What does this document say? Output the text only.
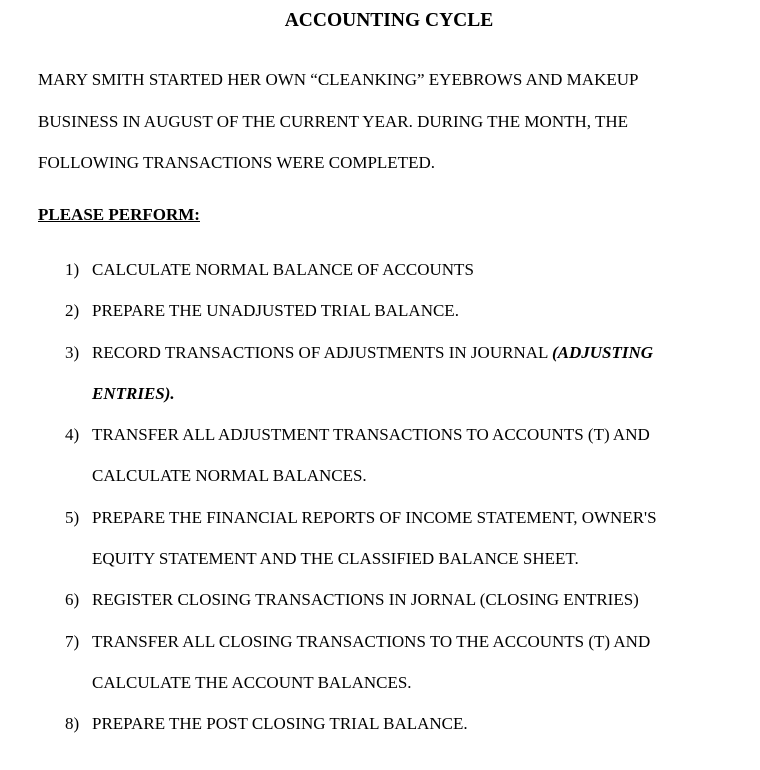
ACCOUNTING CYCLE
MARY SMITH STARTED HER OWN “CLEANKING” EYEBROWS AND MAKEUP
BUSINESS IN AUGUST OF THE CURRENT YEAR. DURING THE MONTH, THE
FOLLOWING TRANSACTIONS WERE COMPLETED.
PLEASE PERFORM:
1) CALCULATE NORMAL BALANCE OF ACCOUNTS
2) PREPARE THE UNADJUSTED TRIAL BALANCE.
3) RECORD TRANSACTIONS OF ADJUSTMENTS IN JOURNAL (ADJUSTING
ENTRIES).
4) TRANSFER ALL ADJUSTMENT TRANSACTIONS TO ACCOUNTS (T) AND
CALCULATE NORMAL BALANCES.
5) PREPARE THE FINANCIAL REPORTS OF INCOME STATEMENT, OWNER'S
EQUITY STATEMENT AND THE CLASSIFIED BALANCE SHEET.
6) REGISTER CLOSING TRANSACTIONS IN JORNAL (CLOSING ENTRIES)
7) TRANSFER ALL CLOSING TRANSACTIONS TO THE ACCOUNTS (T) AND
CALCULATE THE ACCOUNT BALANCES.
8) PREPARE THE POST CLOSING TRIAL BALANCE.
